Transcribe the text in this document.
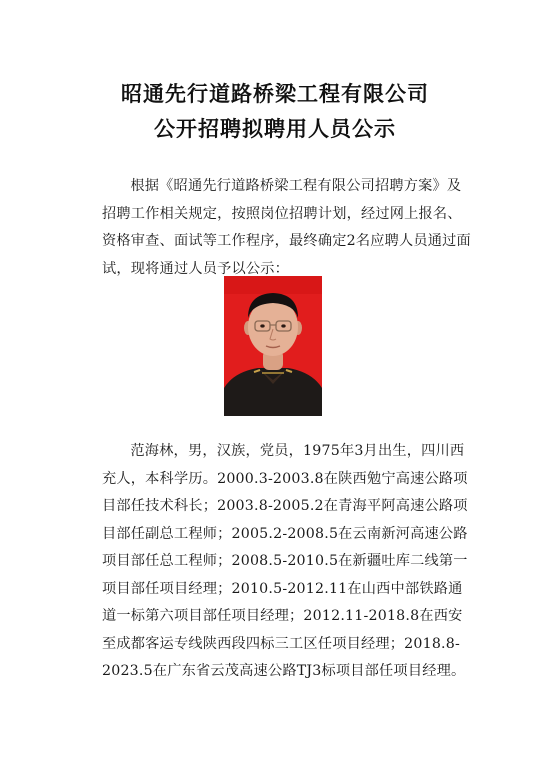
昭通先行道路桥梁工程有限公司
公开招聘拟聘用人员公示
根据《昭通先行道路桥梁工程有限公司招聘方案》及招聘工作相关规定，按照岗位招聘计划，经过网上报名、资格审查、面试等工作程序，最终确定2名应聘人员通过面试，现将通过人员予以公示：
范海林，男，汉族，党员，1975年3月出生，四川西充人，本科学历。2000.3-2003.8在陕西勉宁高速公路项目部任技术科长；2003.8-2005.2在青海平阿高速公路项目部任副总工程师；2005.2-2008.5在云南新河高速公路项目部任总工程师；2008.5-2010.5在新疆吐库二线第一项目部任项目经理；2010.5-2012.11在山西中部铁路通道一标第六项目部任项目经理；2012.11-2018.8在西安至成都客运专线陕西段四标三工区任项目经理；2018.8-2023.5在广东省云茂高速公路TJ3标项目部任项目经理。
